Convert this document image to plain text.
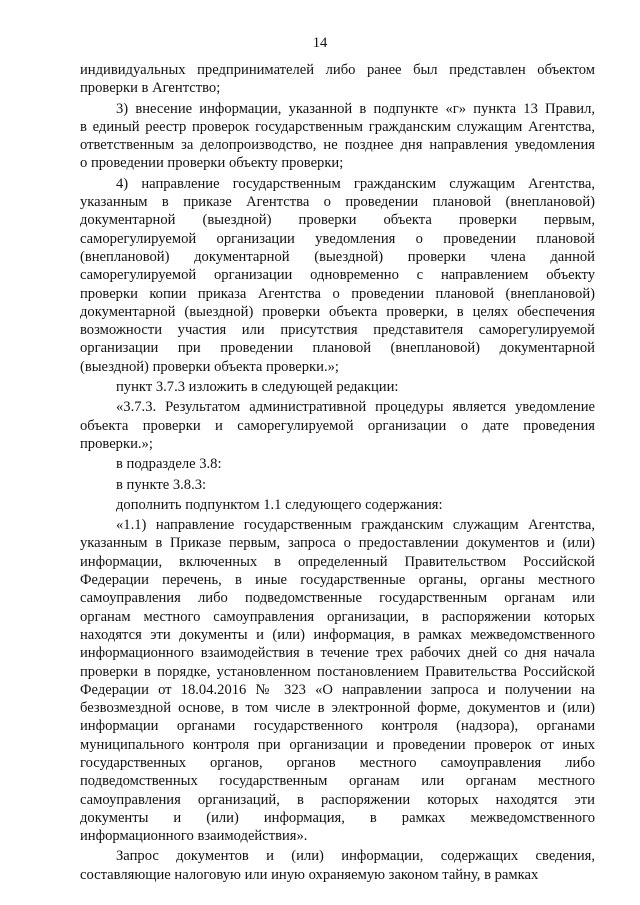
14
индивидуальных предпринимателей либо ранее был представлен объектом
проверки в Агентство;
3) внесение информации, указанной в подпункте «г» пункта 13 Правил,
в единый реестр проверок государственным гражданским служащим Агентства,
ответственным за делопроизводство, не позднее дня направления уведомления
о проведении проверки объекту проверки;
4) направление государственным гражданским служащим Агентства,
указанным в приказе Агентства о проведении плановой (внеплановой)
документарной (выездной) проверки объекта проверки первым,
саморегулируемой организации уведомления о проведении плановой
(внеплановой) документарной (выездной) проверки члена данной
саморегулируемой организации одновременно с направлением объекту
проверки копии приказа Агентства о проведении плановой (внеплановой)
документарной (выездной) проверки объекта проверки, в целях обеспечения
возможности участия или присутствия представителя саморегулируемой
организации при проведении плановой (внеплановой) документарной
(выездной) проверки объекта проверки.»;
пункт 3.7.3 изложить в следующей редакции:
«3.7.3. Результатом административной процедуры является уведомление
объекта проверки и саморегулируемой организации о дате проведения
проверки.»;
в подразделе 3.8:
в пункте 3.8.3:
дополнить подпунктом 1.1 следующего содержания:
«1.1) направление государственным гражданским служащим Агентства,
указанным в Приказе первым, запроса о предоставлении документов и (или)
информации, включенных в определенный Правительством Российской
Федерации перечень, в иные государственные органы, органы местного
самоуправления либо подведомственные государственным органам или
органам местного самоуправления организации, в распоряжении которых
находятся эти документы и (или) информация, в рамках межведомственного
информационного взаимодействия в течение трех рабочих дней со дня начала
проверки в порядке, установленном постановлением Правительства Российской
Федерации от 18.04.2016 № 323 «О направлении запроса и получении на
безвозмездной основе, в том числе в электронной форме, документов и (или)
информации органами государственного контроля (надзора), органами
муниципального контроля при организации и проведении проверок от иных
государственных органов, органов местного самоуправления либо
подведомственных государственным органам или органам местного
самоуправления организаций, в распоряжении которых находятся эти
документы и (или) информация, в рамках межведомственного
информационного взаимодействия».
Запрос документов и (или) информации, содержащих сведения,
составляющие налоговую или иную охраняемую законом тайну, в рамках
